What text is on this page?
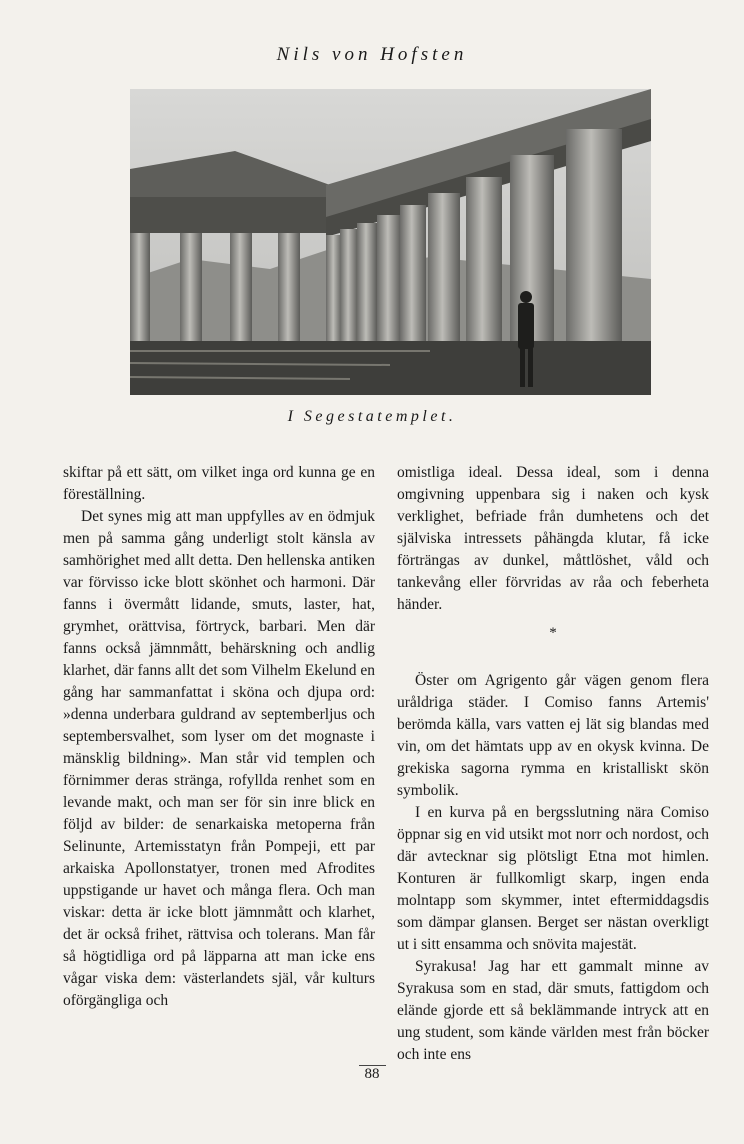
Nils von Hofsten
I Segestatemplet.

skiftar på ett sätt, om vilket inga ord kunna ge en föreställning.

Det synes mig att man uppfylles av en ödmjuk men på samma gång underligt stolt känsla av samhörighet med allt detta. Den hellenska antiken var förvisso icke blott skönhet och harmoni. Där fanns i övermått lidande, smuts, laster, hat, grymhet, orättvisa, förtryck, barbari. Men där fanns också jämnmått, behärskning och andlig klarhet, där fanns allt det som Vilhelm Ekelund en gång har sammanfattat i sköna och djupa ord: »denna underbara guldrand av septemberljus och septembersvalhet, som lyser om det mognaste i mänsklig bildning». Man står vid templen och förnimmer deras stränga, rofyllda renhet som en levande makt, och man ser för sin inre blick en följd av bilder: de senarkaiska metoperna från Selinunte, Artemisstatyn från Pompeji, ett par arkaiska Apollonstatyer, tronen med Afrodites uppstigande ur havet och många flera. Och man viskar: detta är icke blott jämnmått och klarhet, det är också frihet, rättvisa och tolerans. Man får så högtidliga ord på läpparna att man icke ens vågar viska dem: västerlandets själ, vår kulturs oförgängliga och

omistliga ideal. Dessa ideal, som i denna omgivning uppenbara sig i naken och kysk verklighet, befriade från dumhetens och det själviska intressets påhängda klutar, få icke förträngas av dunkel, måttlöshet, våld och tankevång eller förvridas av råa och feberheta händer.

*

Öster om Agrigento går vägen genom flera uråldriga städer. I Comiso fanns Artemis' berömda källa, vars vatten ej lät sig blandas med vin, om det hämtats upp av en okysk kvinna. De grekiska sagorna rymma en kristalliskt skön symbolik.

I en kurva på en bergsslutning nära Comiso öppnar sig en vid utsikt mot norr och nordost, och där avtecknar sig plötsligt Etna mot himlen. Konturen är fullkomligt skarp, ingen enda molntapp som skymmer, intet eftermiddagsdis som dämpar glansen. Berget ser nästan overkligt ut i sitt ensamma och snövita majestät.

Syrakusa! Jag har ett gammalt minne av Syrakusa som en stad, där smuts, fattigdom och elände gjorde ett så beklämmande intryck att en ung student, som kände världen mest från böcker och inte ens

88
